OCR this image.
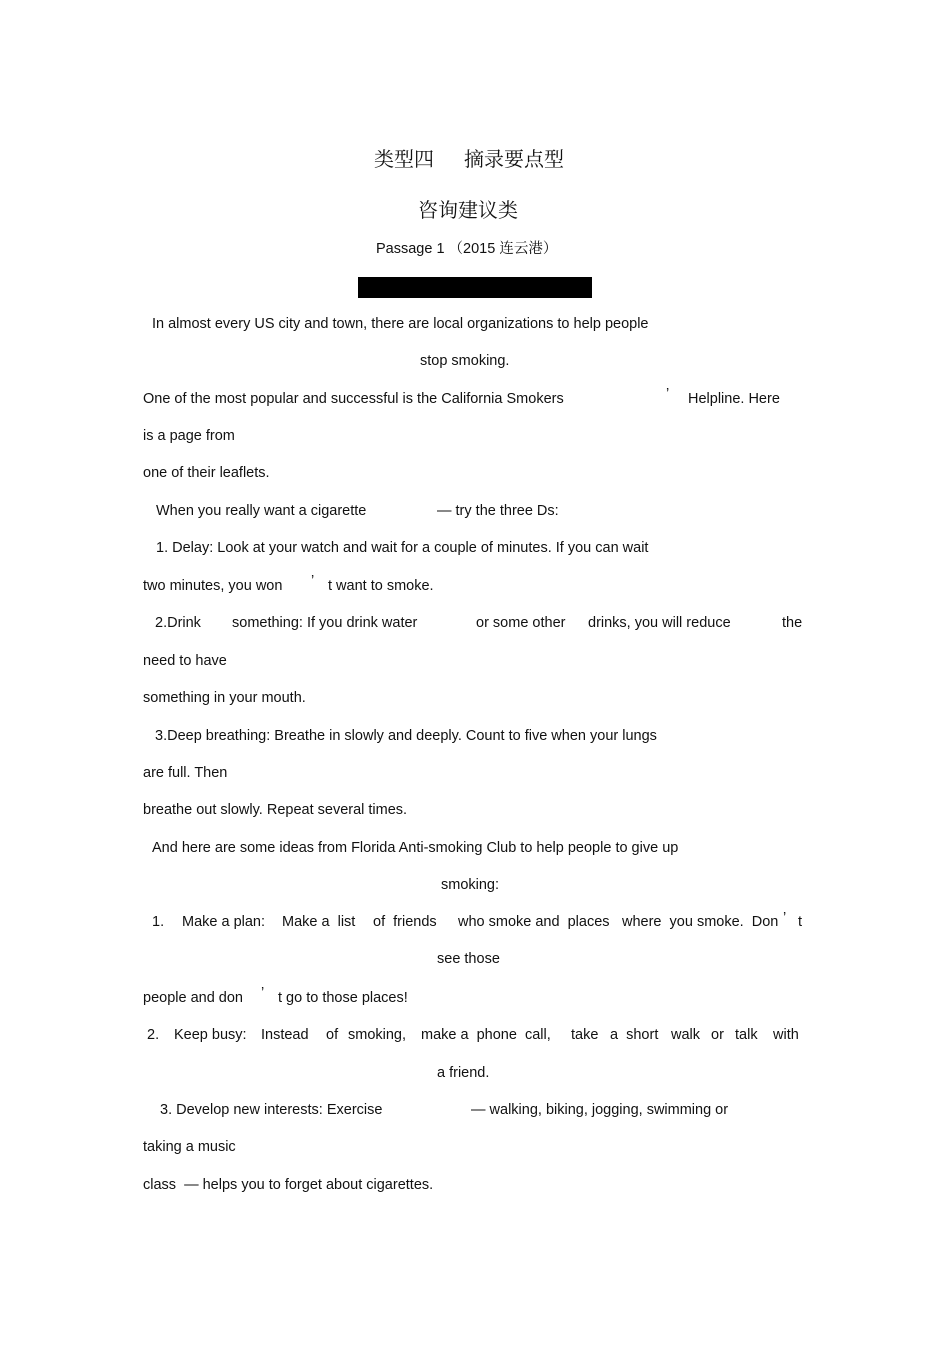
类型四 摘录要点型
咨询建议类
Passage 1 （2015 连云港）
In almost every US city and town, there are local organizations to help people
stop smoking.
One of the most popular and successful is the California Smokers	’ Helpline. Here
is a page from
one of their leaflets.
When you really want a cigarette	— try the three Ds:
1. Delay: Look at your watch and wait for a couple of minutes. If you can wait
two minutes, you won ’ t want to smoke.
2.Drink something: If you drink water	or some other drinks, you will reduce	the
need to have
something in your mouth.
3.Deep breathing: Breathe in slowly and deeply. Count to five when your lungs
are full. Then
breathe out slowly. Repeat several times.
And here are some ideas from Florida Anti-smoking Club to help people to give up
smoking:
1. Make a plan: Make a  list of  friends who smoke and  places where  you smoke.  Don ’ t
see those
people and don ’ t go to those places!
2. Keep busy: Instead of smoking, make a  phone  call, take a  short walk or talk with
a friend.
3. Develop new interests: Exercise	— walking, biking, jogging, swimming or
taking a music
class  — helps you to forget about cigarettes.
